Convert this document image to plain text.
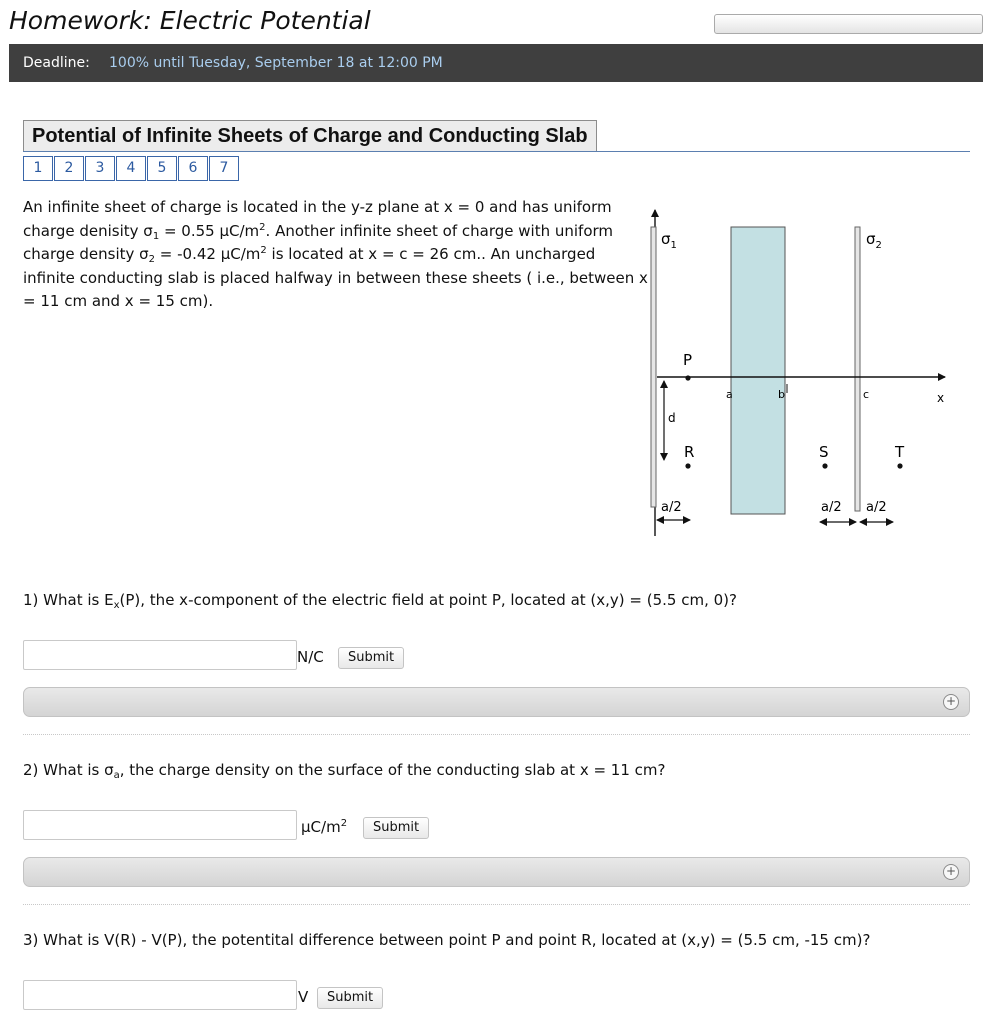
Homework: Electric Potential
Deadline: 100% until Tuesday, September 18 at 12:00 PM
Potential of Infinite Sheets of Charge and Conducting Slab
1	2	3	4	5	6	7
An infinite sheet of charge is located in the y-z plane at x = 0 and has uniform charge denisity $\sigma_1 = 0.55$ $\mu C/m^2$. Another infinite sheet of charge with uniform charge density $\sigma_2 = -0.42$ $\mu C/m^2$ is located at x = c = 26 cm.. An uncharged infinite conducting slab is placed halfway in between these sheets ( i.e., between x = 11 cm and x = 15 cm).
$\sigma_1$	$\sigma_2$
P
R	S	T
x
a	b	c
d
a/2	a/2 a/2
1) What is $E_x(P)$, the x-component of the electric field at point P, located at (x,y) = (5.5 cm, 0)?
N/C	Submit
+
2) What is $\sigma_a$, the charge density on the surface of the conducting slab at x = 11 cm?
$\mu C/m^2$	Submit
+
3) What is V(R) - V(P), the potentital difference between point P and point R, located at (x,y) = (5.5 cm, -15 cm)?
V	Submit
